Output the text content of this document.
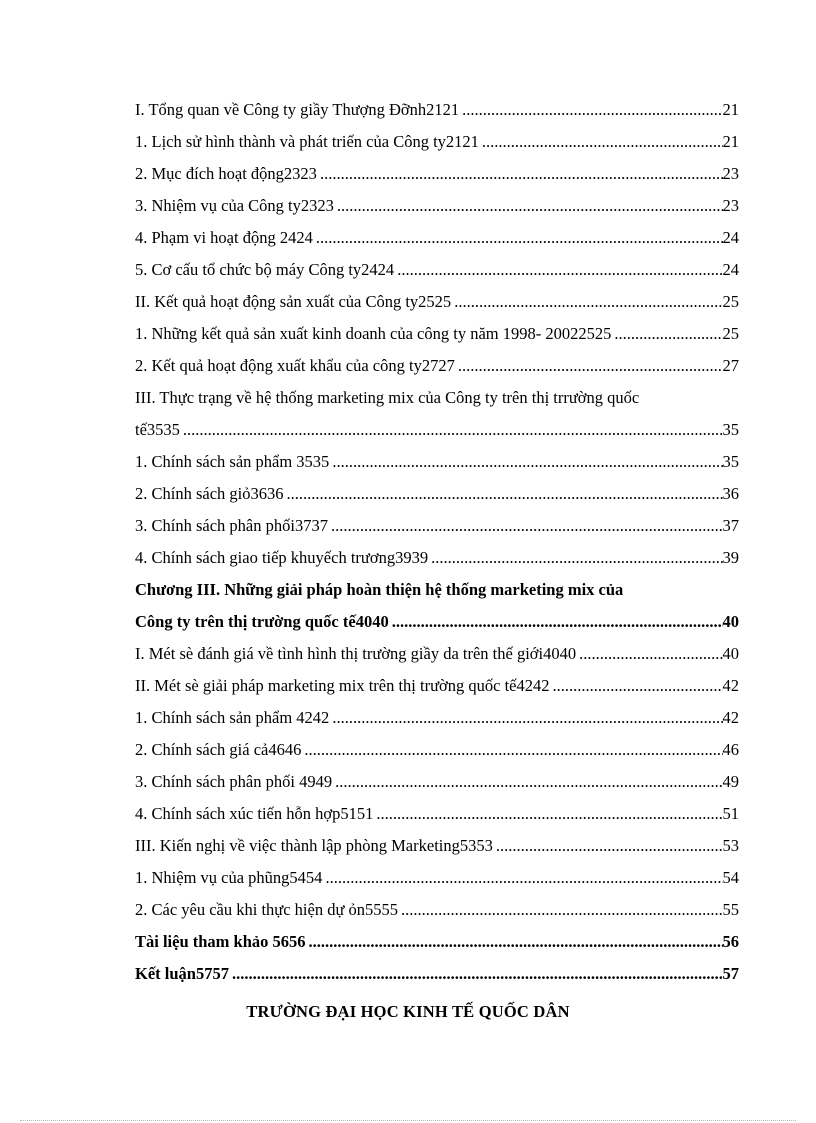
I. Tổng quan về Công ty giầy Thượng Đỡnh2121 .....	21
1. Lịch sử hình thành và phát triển của Công ty2121 .....	21
2. Mục đích hoạt động2323 .....	23
3. Nhiệm vụ của Công ty2323 .....	23
4. Phạm vi hoạt động 2424 .....	24
5. Cơ cấu tổ chức bộ máy Công ty2424 .....	24
II. Kết quả hoạt động sản xuất của Công ty2525 .....	25
1. Những kết quả sản xuất kinh doanh của công ty năm 1998- 20022525 .....	25
2. Kết quả hoạt động xuất khẩu của công ty2727 .....	27
III. Thực trạng về hệ thống marketing mix của Công ty trên thị trrường quốc
tế3535 .....	35
1. Chính sách sản phẩm 3535 .....	35
2. Chính sách giỏ3636 .....	36
3. Chính sách phân phối3737 .....	37
4. Chính sách giao tiếp khuyếch trương3939 .....	39
Chương III. Những giải pháp hoàn thiện hệ thống marketing mix của
Công ty trên thị trường quốc tế4040 .....	40
I. Mét sè đánh giá về tình hình thị trường giầy da trên thế giới4040 .....	40
II. Mét sè giải pháp marketing mix trên thị trường quốc tế4242 .....	42
1. Chính sách sản phẩm 4242 .....	42
2. Chính sách giá cả4646 .....	46
3. Chính sách phân phối 4949 .....	49
4. Chính sách xúc tiến hỗn hợp5151 .....	51
III. Kiến nghị về việc thành lập phòng Marketing5353 .....	53
1. Nhiệm vụ của phũng5454 .....	54
2. Các yêu cầu khi thực hiện dự ỏn5555 .....	55
Tài liệu tham khảo 5656 .....	56
Kết luận5757 .....	57
TRƯỜNG ĐẠI HỌC KINH TẾ QUỐC DÂN
